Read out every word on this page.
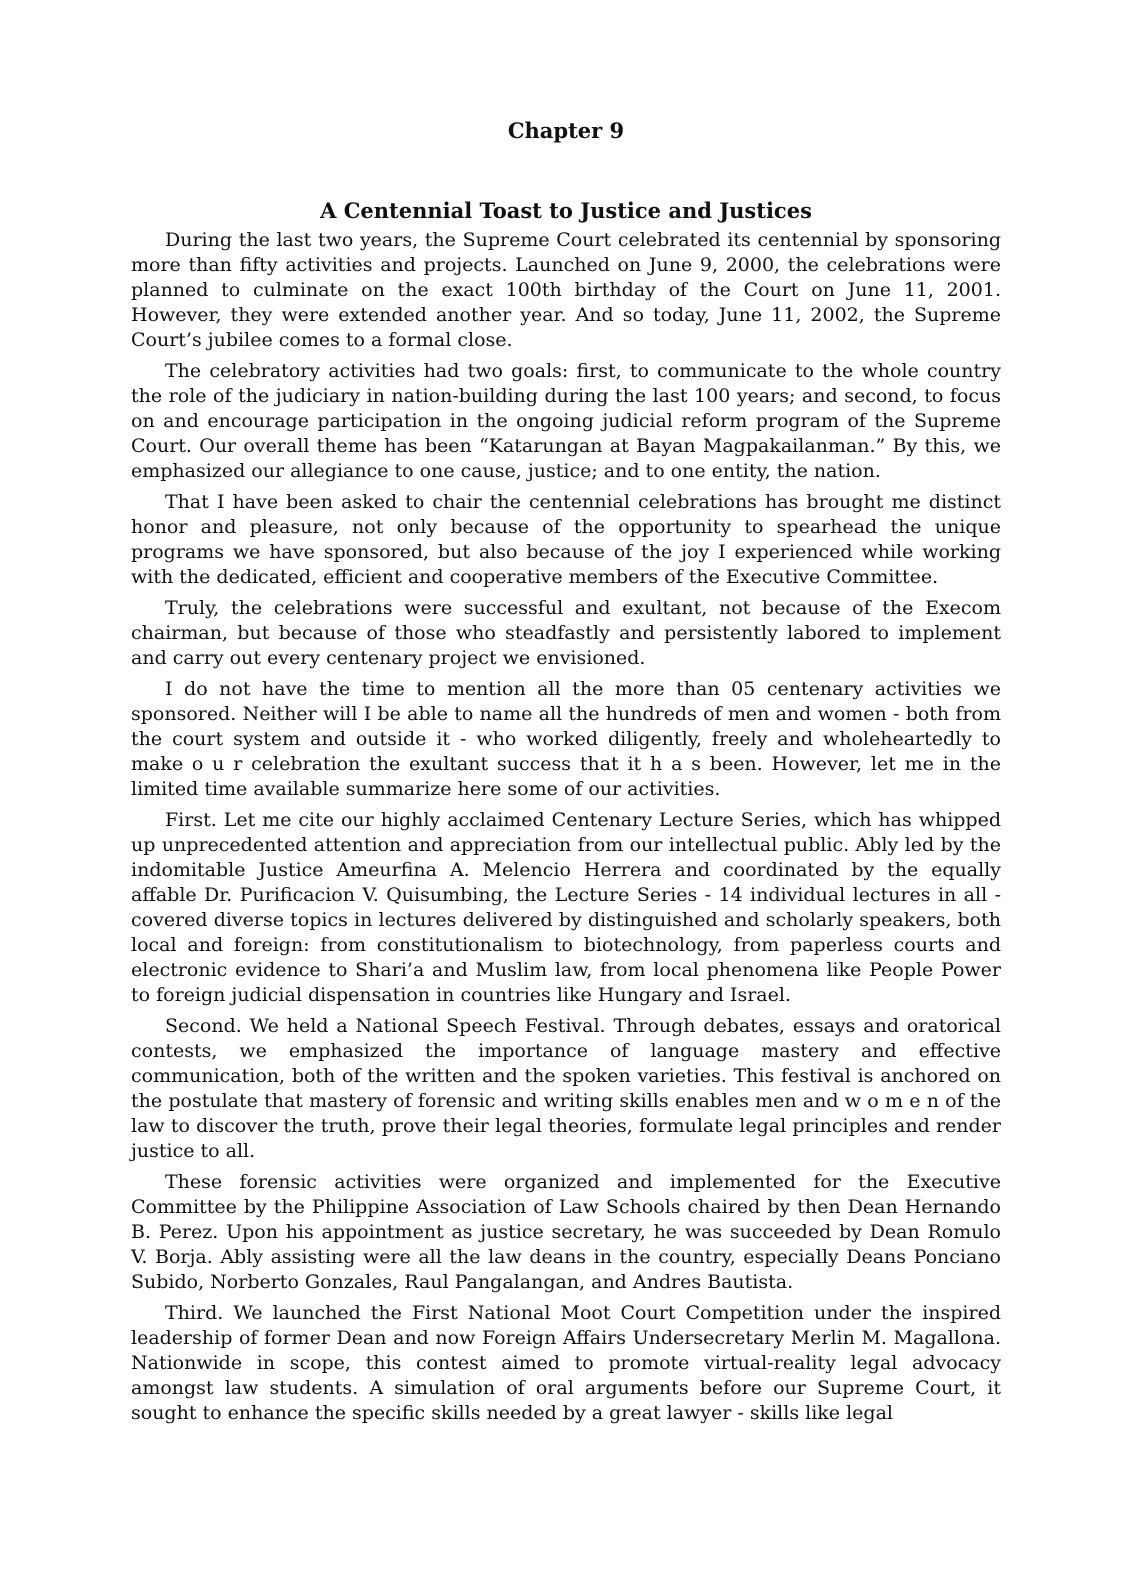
Chapter 9
A Centennial Toast to Justice and Justices

During the last two years, the Supreme Court celebrated its centennial by sponsoring more than fifty activities and projects. Launched on June 9, 2000, the celebrations were planned to culminate on the exact 100th birthday of the Court on June 11, 2001. However, they were extended another year. And so today, June 11, 2002, the Supreme Court’s jubilee comes to a formal close.

The celebratory activities had two goals: first, to communicate to the whole country the role of the judiciary in nation-building during the last 100 years; and second, to focus on and encourage participation in the ongoing judicial reform program of the Supreme Court. Our overall theme has been “Katarungan at Bayan Magpakailanman.” By this, we emphasized our allegiance to one cause, justice; and to one entity, the nation.

That I have been asked to chair the centennial celebrations has brought me distinct honor and pleasure, not only because of the opportunity to spearhead the unique programs we have sponsored, but also because of the joy I experienced while working with the dedicated, efficient and cooperative members of the Executive Committee.

Truly, the celebrations were successful and exultant, not because of the Execom chairman, but because of those who steadfastly and persistently labored to implement and carry out every centenary project we envisioned.

I do not have the time to mention all the more than 05 centenary activities we sponsored. Neither will I be able to name all the hundreds of men and women - both from the court system and outside it - who worked diligently, freely and wholeheartedly to make o u r celebration the exultant success that it h a s been. However, let me in the limited time available summarize here some of our activities.

First. Let me cite our highly acclaimed Centenary Lecture Series, which has whipped up unprecedented attention and appreciation from our intellectual public. Ably led by the indomitable Justice Ameurfina A. Melencio Herrera and coordinated by the equally affable Dr. Purificacion V. Quisumbing, the Lecture Series - 14 individual lectures in all - covered diverse topics in lectures delivered by distinguished and scholarly speakers, both local and foreign: from constitutionalism to biotechnology, from paperless courts and electronic evidence to Shari’a and Muslim law, from local phenomena like People Power to foreign judicial dispensation in countries like Hungary and Israel.

Second. We held a National Speech Festival. Through debates, essays and oratorical contests, we emphasized the importance of language mastery and effective communication, both of the written and the spoken varieties. This festival is anchored on the postulate that mastery of forensic and writing skills enables men and w o m e n of the law to discover the truth, prove their legal theories, formulate legal principles and render justice to all.

These forensic activities were organized and implemented for the Executive Committee by the Philippine Association of Law Schools chaired by then Dean Hernando B. Perez. Upon his appointment as justice secretary, he was succeeded by Dean Romulo V. Borja. Ably assisting were all the law deans in the country, especially Deans Ponciano Subido, Norberto Gonzales, Raul Pangalangan, and Andres Bautista.

Third. We launched the First National Moot Court Competition under the inspired leadership of former Dean and now Foreign Affairs Undersecretary Merlin M. Magallona. Nationwide in scope, this contest aimed to promote virtual-reality legal advocacy amongst law students. A simulation of oral arguments before our Supreme Court, it sought to enhance the specific skills needed by a great lawyer - skills like legal
